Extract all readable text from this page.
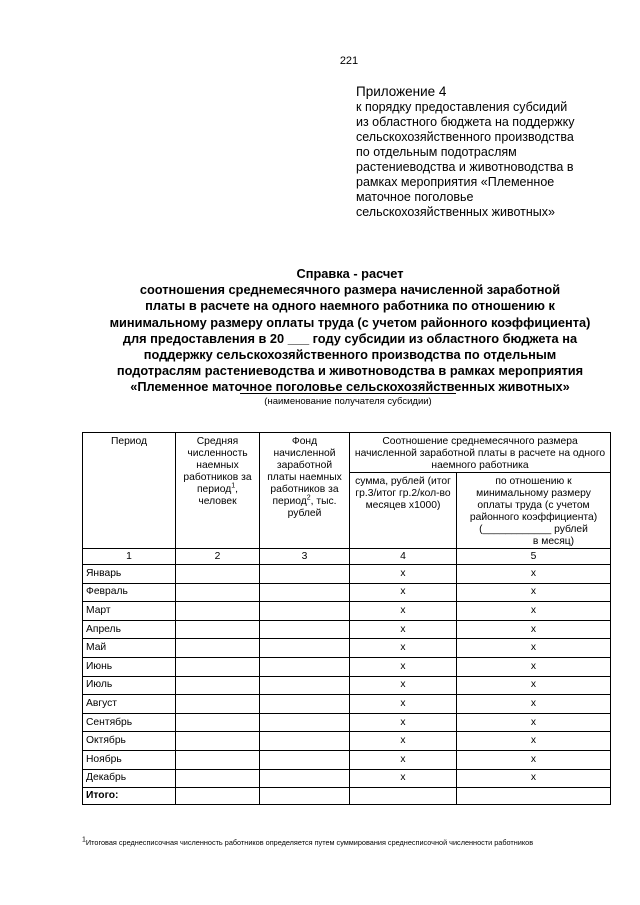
221
Приложение 4
к порядку предоставления субсидий
из областного бюджета на поддержку
сельскохозяйственного производства
по отдельным подотраслям
растениеводства и животноводства в
рамках мероприятия «Племенное
маточное поголовье
сельскохозяйственных животных»
Справка - расчет
соотношения среднемесячного размера начисленной заработной
платы в расчете на одного наемного работника по отношению к
минимальному размеру оплаты труда (с учетом районного коэффициента)
для предоставления в 20 ___ году субсидии из областного бюджета на
поддержку сельскохозяйственного производства по отдельным
подотраслям растениеводства и животноводства в рамках мероприятия
«Племенное маточное поголовье сельскохозяйственных животных»
(наименование получателя субсидии)
Период	Средняя численность наемных работников за период$^1$, человек	Фонд начисленной заработной платы наемных работников за период$^2$, тыс. рублей	Соотношение среднемесячного размера начисленной заработной платы в расчете на одного наемного работника	
			сумма, рублей (итог гр.3/итог гр.2/кол-во месяцев х1000)	по отношению к минимальному размеру оплаты труда (с учетом районного коэффициента)
(____________ рублей
в месяц)

1	2	3	4	5
Январь			x	x
Февраль			x	x
Март			x	x
Апрель			x	x
Май			x	x
Июнь			x	x
Июль			x	x
Август			x	x
Сентябрь			x	x
Октябрь			x	x
Ноябрь			x	x
Декабрь			x	x
Итого:				
$^1$Итоговая среднесписочная численность работников определяется путем суммирования среднесписочной численности работников
